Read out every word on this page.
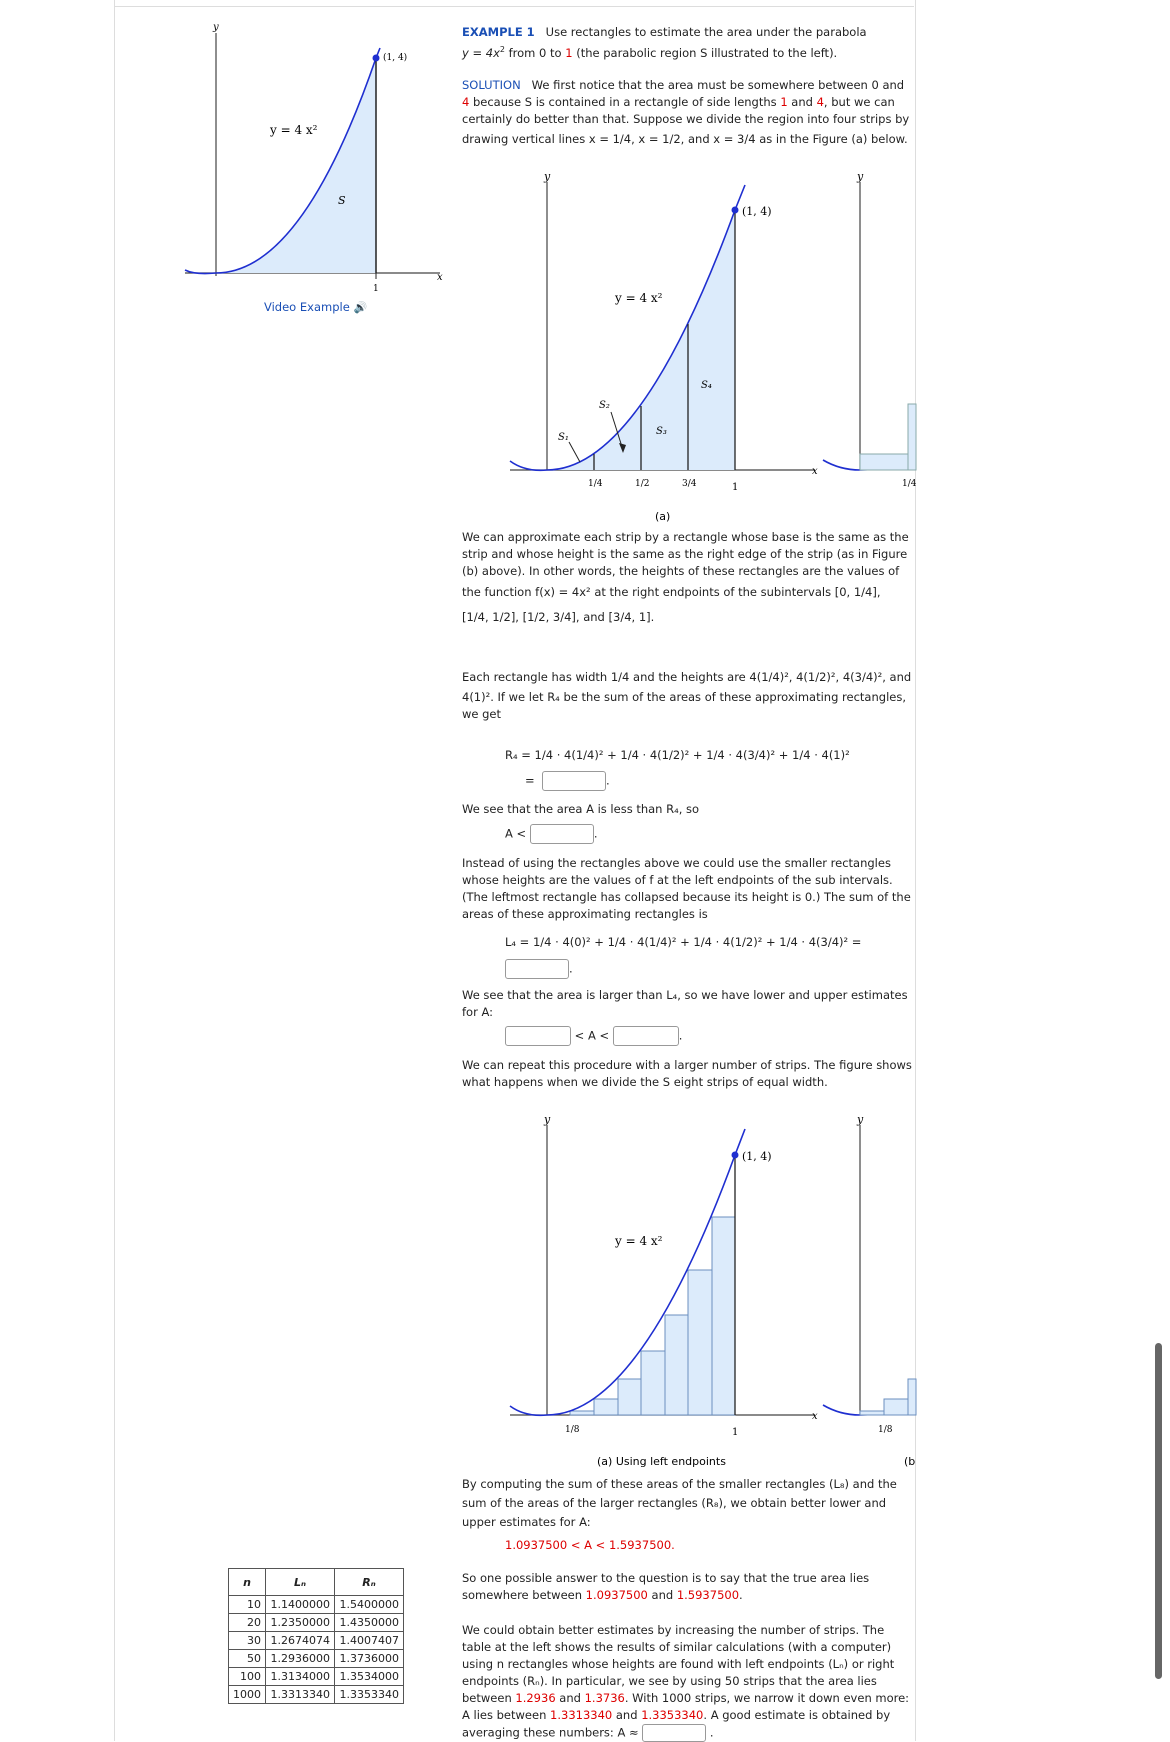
y
x
(1, 4)
y = 4 x²
S
1
Video Example 🔊
EXAMPLE 1 Use rectangles to estimate the area under the parabola
$y = 4x^2$ from 0 to 1 (the parabolic region S illustrated to the left).
SOLUTION We first notice that the area must be somewhere between 0 and
4 because S is contained in a rectangle of side lengths 1 and 4, but we can
certainly do better than that. Suppose we divide the region into four strips by
drawing vertical lines x = 1/4, x = 1/2, and x = 3/4 as in the Figure (a) below.
y
x
(1, 4)
y = 4 x²
S₁
S₂
S₃
S₄
1/4	1/2	3/4	1
(a)
y
1/4
We can approximate each strip by a rectangle whose base is the same as the
strip and whose height is the same as the right edge of the strip (as in Figure
(b) above). In other words, the heights of these rectangles are the values of
the function f(x) = 4x² at the right endpoints of the subintervals [0, 1/4],
[1/4, 1/2], [1/2, 3/4], and [3/4, 1].
Each rectangle has width 1/4 and the heights are 4(1/4)², 4(1/2)², 4(3/4)², and
4(1)². If we let R₄ be the sum of the areas of these approximating rectangles,
we get
R₄ = 1/4 · 4(1/4)² + 1/4 · 4(1/2)² + 1/4 · 4(3/4)² + 1/4 · 4(1)²
=	.
We see that the area A is less than R₄, so
A <	.
Instead of using the rectangles above we could use the smaller rectangles
whose heights are the values of f at the left endpoints of the sub intervals.
(The leftmost rectangle has collapsed because its height is 0.) The sum of the
areas of these approximating rectangles is
L₄ = 1/4 · 4(0)² + 1/4 · 4(1/4)² + 1/4 · 4(1/2)² + 1/4 · 4(3/4)² =
.
We see that the area is larger than L₄, so we have lower and upper estimates
for A:
< A <	.
We can repeat this procedure with a larger number of strips. The figure shows
what happens when we divide the S eight strips of equal width.
y
x
(1, 4)
y = 4 x²
1/8	1
(a) Using left endpoints
y
1/8
(b
By computing the sum of these areas of the smaller rectangles (L₈) and the
sum of the areas of the larger rectangles (R₈), we obtain better lower and
upper estimates for A:
1.0937500 < A < 1.5937500.
n	Lₙ	Rₙ
10	1.1400000	1.5400000
20	1.2350000	1.4350000
30	1.2674074	1.4007407
50	1.2936000	1.3736000
100	1.3134000	1.3534000
1000	1.3313340	1.3353340
So one possible answer to the question is to say that the true area lies
somewhere between 1.0937500 and 1.5937500.
We could obtain better estimates by increasing the number of strips. The
table at the left shows the results of similar calculations (with a computer)
using n rectangles whose heights are found with left endpoints (Lₙ) or right
endpoints (Rₙ). In particular, we see by using 50 strips that the area lies
between 1.2936 and 1.3736. With 1000 strips, we narrow it down even more:
A lies between 1.3313340 and 1.3353340. A good estimate is obtained by
averaging these numbers: A ≈	.
